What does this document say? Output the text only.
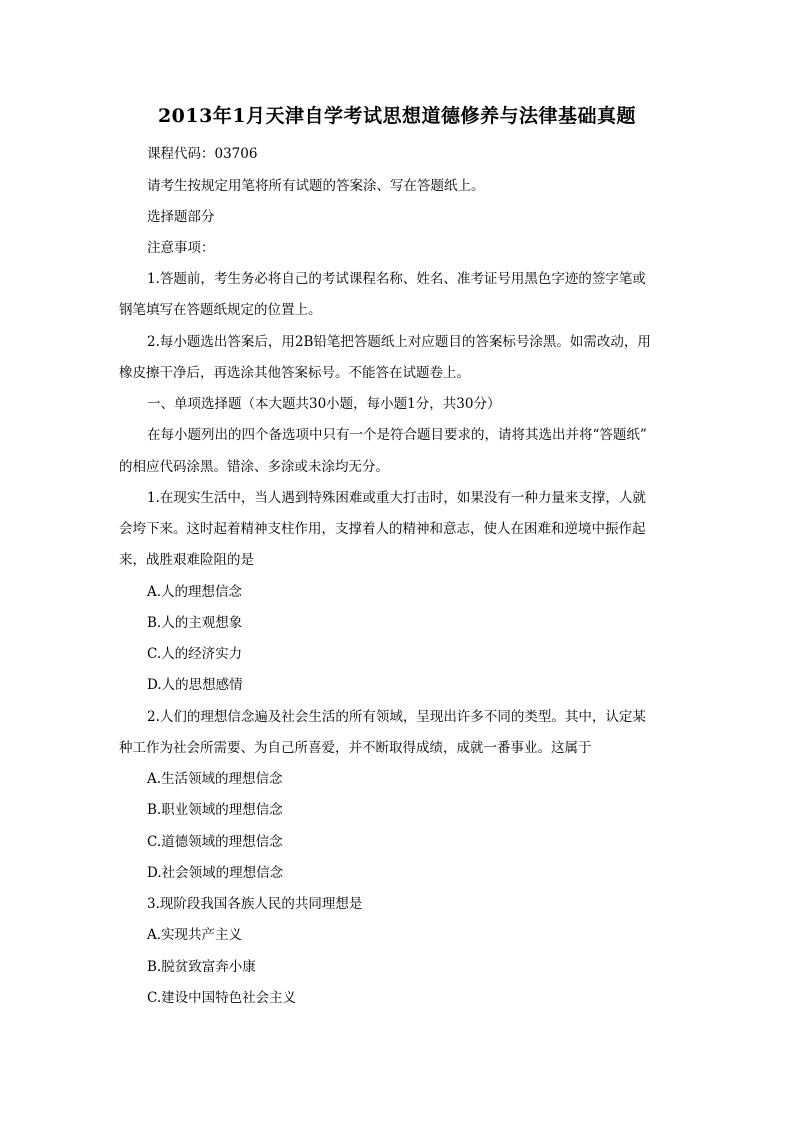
2013年1月天津自学考试思想道德修养与法律基础真题
课程代码：03706
请考生按规定用笔将所有试题的答案涂、写在答题纸上。
选择题部分
注意事项：
1.答题前，考生务必将自己的考试课程名称、姓名、准考证号用黑色字迹的签字笔或
钢笔填写在答题纸规定的位置上。
2.每小题选出答案后，用2B铅笔把答题纸上对应题目的答案标号涂黑。如需改动，用
橡皮擦干净后，再选涂其他答案标号。不能答在试题卷上。
一、单项选择题（本大题共30小题，每小题1分，共30分）
在每小题列出的四个备选项中只有一个是符合题目要求的，请将其选出并将“答题纸”
的相应代码涂黑。错涂、多涂或未涂均无分。
1.在现实生活中，当人遇到特殊困难或重大打击时，如果没有一种力量来支撑，人就
会垮下来。这时起着精神支柱作用，支撑着人的精神和意志，使人在困难和逆境中振作起
来，战胜艰难险阻的是
A.人的理想信念
B.人的主观想象
C.人的经济实力
D.人的思想感情
2.人们的理想信念遍及社会生活的所有领域，呈现出许多不同的类型。其中，认定某
种工作为社会所需要、为自己所喜爱，并不断取得成绩，成就一番事业。这属于
A.生活领域的理想信念
B.职业领域的理想信念
C.道德领域的理想信念
D.社会领域的理想信念
3.现阶段我国各族人民的共同理想是
A.实现共产主义
B.脱贫致富奔小康
C.建设中国特色社会主义
